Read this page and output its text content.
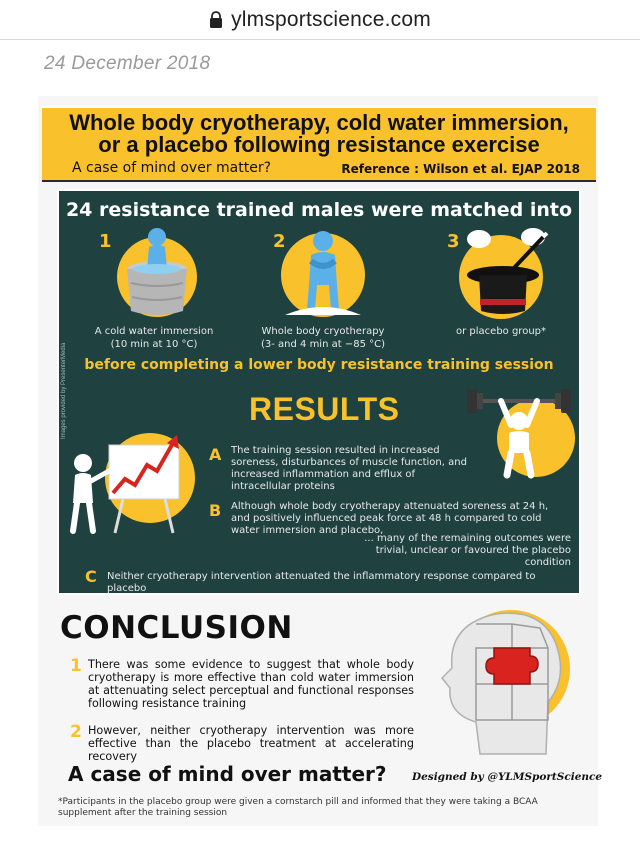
ylmsportscience.com
24 December 2018
Whole body cryotherapy, cold water immersion,
or a placebo following resistance exercise
A case of mind over matter?	Reference : Wilson et al. EJAP 2018
24 resistance trained males were matched into
Images provided by PresenterMedia
1
A cold water immersion
(10 min at 10 °C)
2
Whole body cryotherapy
(3- and 4 min at −85 °C)
3
or placebo group*
before completing a lower body resistance training session
RESULTS
A The training session resulted in increased soreness, disturbances of muscle function, and increased inflammation and efflux of intracellular proteins
B Although whole body cryotherapy attenuated soreness at 24 h, and positively influenced peak force at 48 h compared to cold water immersion and placebo,
... many of the remaining outcomes were trivial, unclear or favoured the placebo condition
C Neither cryotherapy intervention attenuated the inflammatory response compared to placebo
CONCLUSION
1 There was some evidence to suggest that whole body cryotherapy is more effective than cold water immersion at attenuating select perceptual and functional responses following resistance training
2 However, neither cryotherapy intervention was more effective than the placebo treatment at accelerating recovery
A case of mind over matter? Designed by @YLMSportScience
*Participants in the placebo group were given a cornstarch pill and informed that they were taking a BCAA supplement after the training session
